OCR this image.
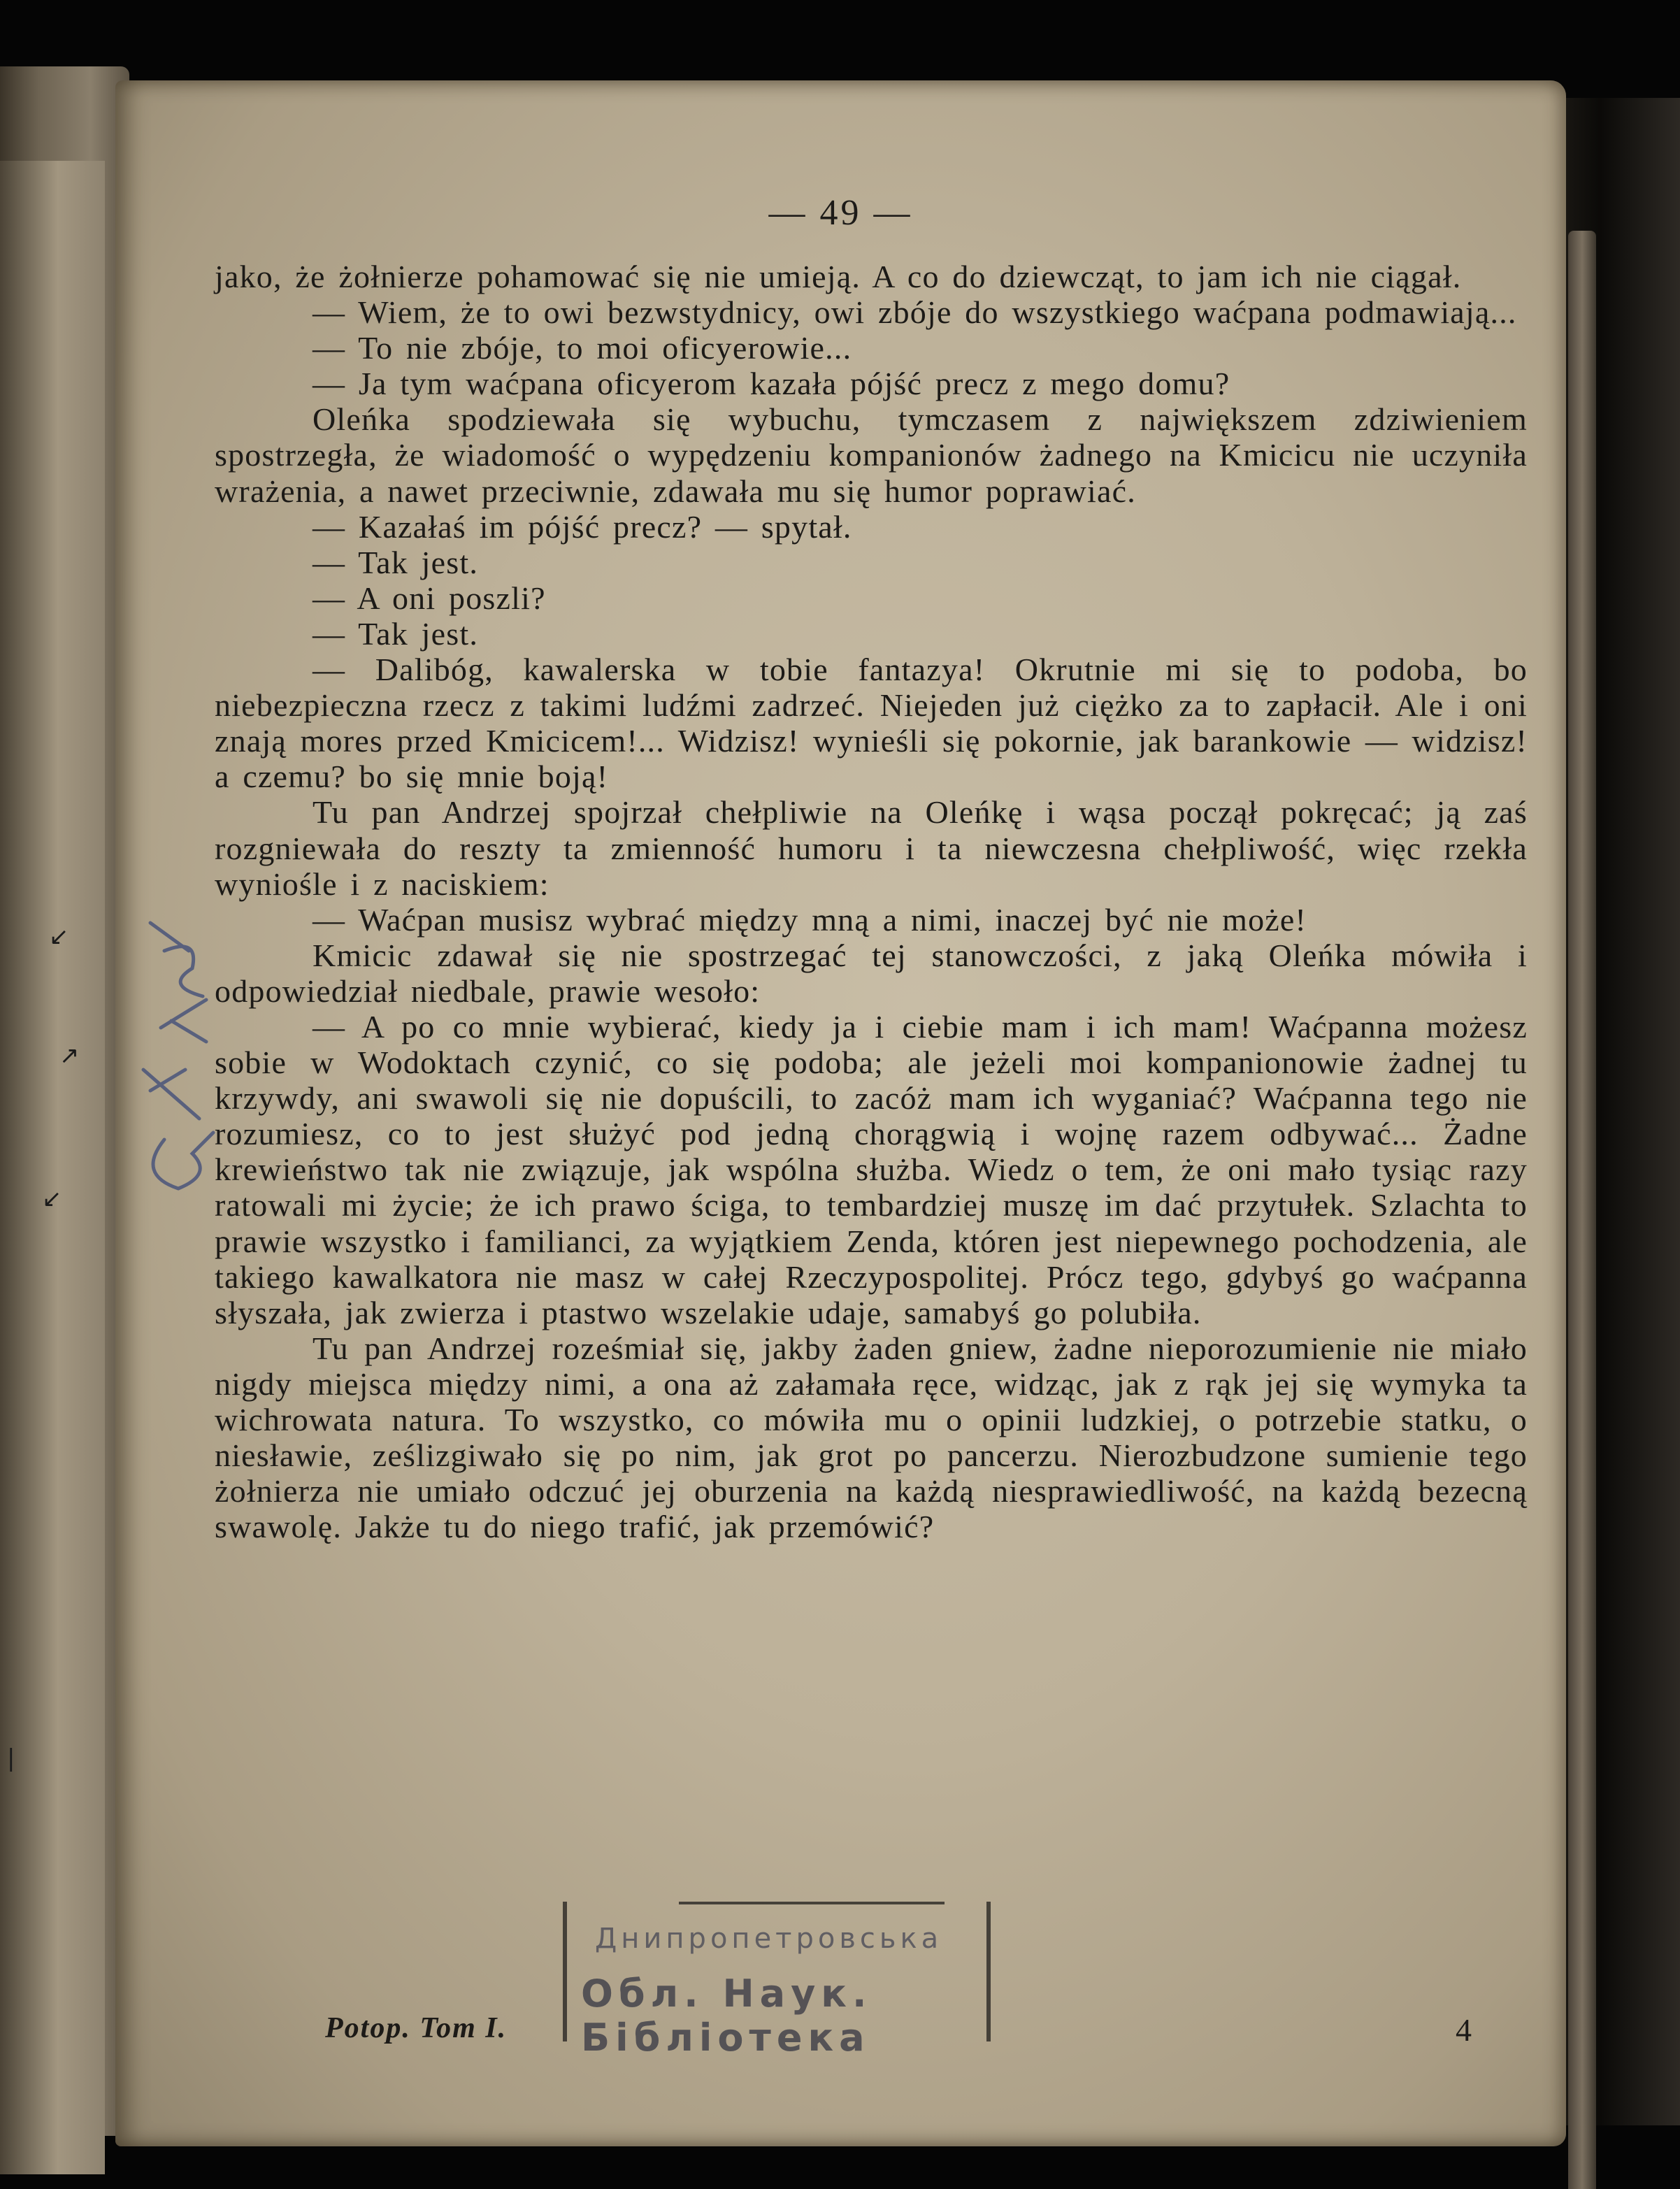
↙
↗
↙
|
— 49 —

jako, że żołnierze pohamować się nie umieją. A co do dziewcząt, to jam ich nie ciągał.

— Wiem, że to owi bezwstydnicy, owi zbóje do wszystkiego waćpana podmawiają...

— To nie zbóje, to moi oficyerowie...

— Ja tym waćpana oficyerom kazała pójść precz z mego domu?

Oleńka spodziewała się wybuchu, tymczasem z największem zdziwieniem spostrzegła, że wiadomość o wypędzeniu kompanionów żadnego na Kmicicu nie uczyniła wrażenia, a nawet przeciwnie, zdawała mu się humor poprawiać.

— Kazałaś im pójść precz? — spytał.

— Tak jest.

— A oni poszli?

— Tak jest.

— Dalibóg, kawalerska w tobie fantazya! Okrutnie mi się to podoba, bo niebezpieczna rzecz z takimi ludźmi zadrzeć. Niejeden już ciężko za to zapłacił. Ale i oni znają mores przed Kmicicem!... Widzisz! wynieśli się pokornie, jak barankowie — widzisz! a czemu? bo się mnie boją!

Tu pan Andrzej spojrzał chełpliwie na Oleńkę i wąsa począł pokręcać; ją zaś rozgniewała do reszty ta zmienność humoru i ta niewczesna chełpliwość, więc rzekła wyniośle i z naciskiem:

— Waćpan musisz wybrać między mną a nimi, inaczej być nie może!

Kmicic zdawał się nie spostrzegać tej stanowczości, z jaką Oleńka mówiła i odpowiedział niedbale, prawie wesoło:

— A po co mnie wybierać, kiedy ja i ciebie mam i ich mam! Waćpanna możesz sobie w Wodoktach czynić, co się podoba; ale jeżeli moi kompanionowie żadnej tu krzywdy, ani swawoli się nie dopuścili, to zacóż mam ich wyganiać? Waćpanna tego nie rozumiesz, co to jest służyć pod jedną chorągwią i wojnę razem odbywać... Żadne krewieństwo tak nie związuje, jak wspólna służba. Wiedz o tem, że oni mało tysiąc razy ratowali mi życie; że ich prawo ściga, to tembardziej muszę im dać przytułek. Szlachta to prawie wszystko i familianci, za wyjątkiem Zenda, któren jest niepewnego pochodzenia, ale takiego kawalkatora nie masz w całej Rzeczypospolitej. Prócz tego, gdybyś go waćpanna słyszała, jak zwierza i ptastwo wszelakie udaje, samabyś go polubiła.

Tu pan Andrzej roześmiał się, jakby żaden gniew, żadne nieporozumienie nie miało nigdy miejsca między nimi, a ona aż załamała ręce, widząc, jak z rąk jej się wymyka ta wichrowata natura. To wszystko, co mówiła mu o opinii ludzkiej, o potrzebie statku, o niesławie, ześlizgiwało się po nim, jak grot po pancerzu. Nierozbudzone sumienie tego żołnierza nie umiało odczuć jej oburzenia na każdą niesprawiedliwość, na każdą bezecną swawolę. Jakże tu do niego trafić, jak przemówić?

Potop. Tom I.	4
Днипропетровська
Обл. Наук. Бібліотека
